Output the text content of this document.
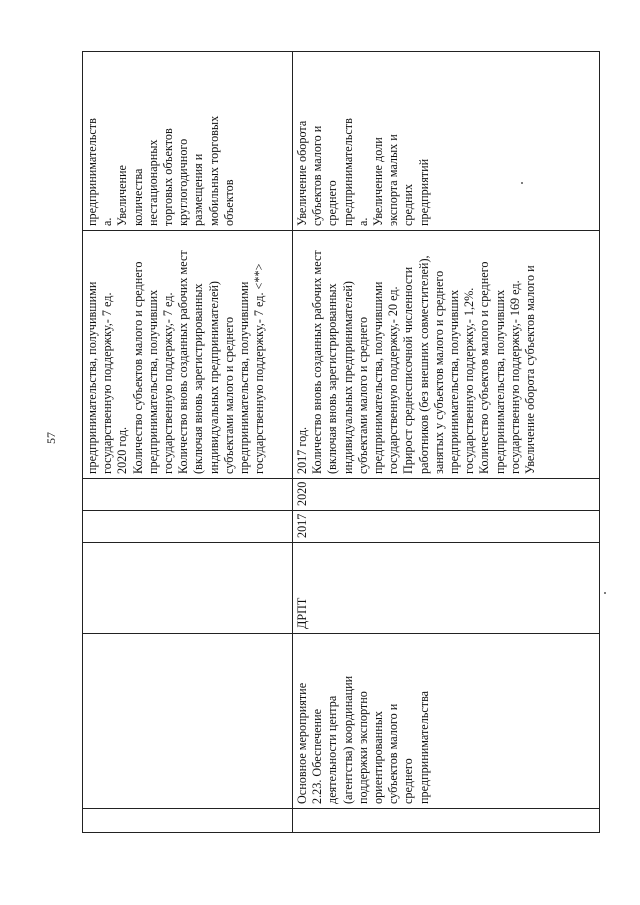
57 предпринимательства, получившими
государственную поддержку,- 7 ед.
2020 год.
Количество субъектов малого и среднего
предпринимательства, получивших
государственную поддержку,- 7 ед.
Количество вновь созданных рабочих мест
(включая вновь зарегистрированных
индивидуальных предпринимателей)
субъектами малого и среднего
предпринимательства, получившими
государственную поддержку,- 7 ед. <**>
предпринимательств
а.
Увеличение
количества
нестационарных
торговых объектов
круглогодичного
размещения и
мобильных торговых
объектов
Основное мероприятие
2.23. Обеспечение
деятельности центра
(агентства) координации
поддержки экспортно
ориентированных
субъектов малого и
среднего
предпринимательства
ДРПТ
2017
2020
2017 год.
Количество вновь созданных рабочих мест
(включая вновь зарегистрированных
индивидуальных предпринимателей)
субъектами малого и среднего
предпринимательства, получившими
государственную поддержку,- 20 ед.
Прирост среднесписочной численности
работников (без внешних совместителей),
занятых у субъектов малого и среднего
предпринимательства, получивших
государственную поддержку,- 1,2%.
Количество субъектов малого и среднего
предпринимательства, получивших
государственную поддержку,- 169 ед.
Увеличение оборота субъектов малого и
Увеличение оборота
субъектов малого и
среднего
предпринимательств
а.
Увеличение доли
экспорта малых и
средних
предприятий
